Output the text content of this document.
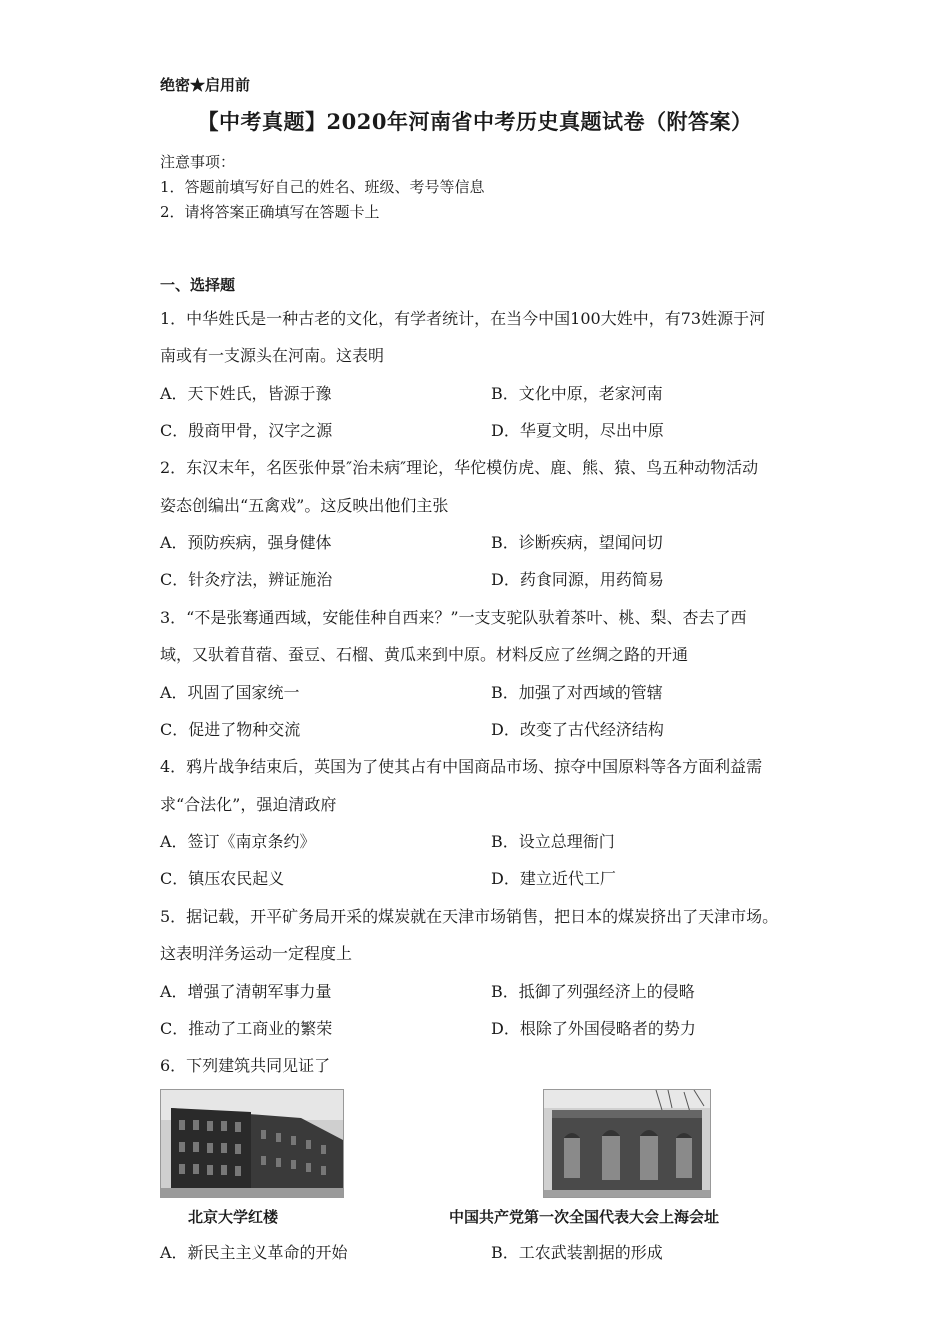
绝密★启用前
【中考真题】2020年河南省中考历史真题试卷（附答案）
注意事项：
1．答题前填写好自己的姓名、班级、考号等信息
2．请将答案正确填写在答题卡上
一、选择题
1．中华姓氏是一种古老的文化，有学者统计，在当今中国100大姓中，有73姓源于河
南或有一支源头在河南。这表明
A．天下姓氏，皆源于豫	B．文化中原，老家河南
C．殷商甲骨，汉字之源	D．华夏文明，尽出中原
2．东汉末年，名医张仲景″治未病″理论，华佗模仿虎、鹿、熊、猿、鸟五种动物活动
姿态创编出“五禽戏”。这反映出他们主张
A．预防疾病，强身健体	B．诊断疾病，望闻问切
C．针灸疗法，辨证施治	D．药食同源，用药简易
3．“不是张骞通西域，安能佳种自西来？”一支支驼队驮着茶叶、桃、梨、杏去了西
域，又驮着苜蓿、蚕豆、石榴、黄瓜来到中原。材料反应了丝绸之路的开通
A．巩固了国家统一	B．加强了对西域的管辖
C．促进了物种交流	D．改变了古代经济结构
4．鸦片战争结束后，英国为了使其占有中国商品市场、掠夺中国原料等各方面利益需
求“合法化”，强迫清政府
A．签订《南京条约》	B．设立总理衙门
C．镇压农民起义	D．建立近代工厂
5．据记载，开平矿务局开采的煤炭就在天津市场销售，把日本的煤炭挤出了天津市场。
这表明洋务运动一定程度上
A．增强了清朝军事力量	B．抵御了列强经济上的侵略
C．推动了工商业的繁荣	D．根除了外国侵略者的势力
6．下列建筑共同见证了
北京大学红楼	中国共产党第一次全国代表大会上海会址
A．新民主主义革命的开始	B．工农武装割据的形成
